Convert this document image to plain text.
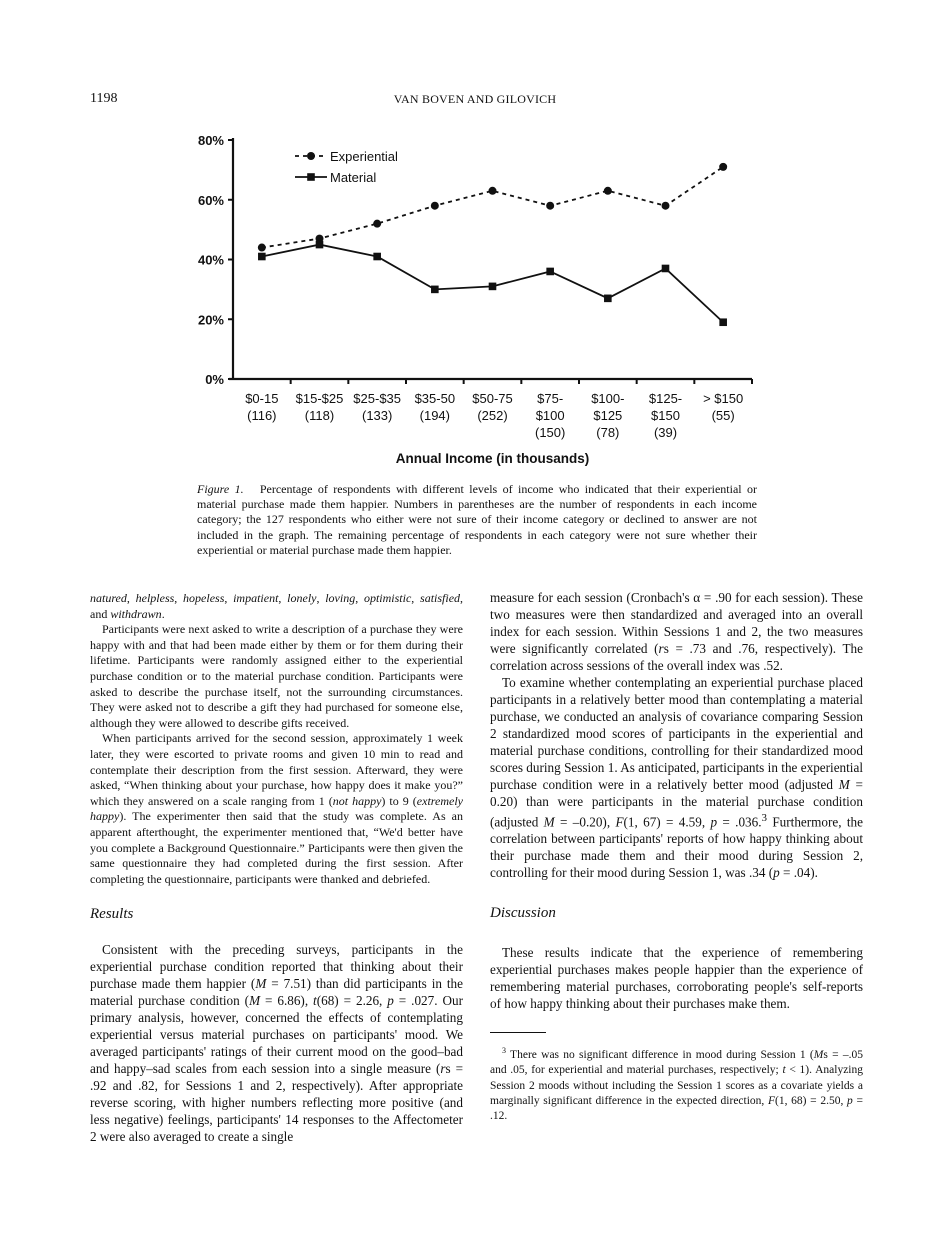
1198	VAN BOVEN AND GILOVICH
0%
20%
40%
60%
80%
$0-15
(116)
$15-$25
(118)
$25-$35
(133)
$35-50
(194)
$50-75
(252)
$75-
$100
(150)
$100-
$125
(78)
$125-
$150
(39)
> $150
(55)
Annual Income (in thousands)
Experiential
Material
Figure 1. Percentage of respondents with different levels of income who indicated that their experiential or material purchase made them happier. Numbers in parentheses are the number of respondents in each income category; the 127 respondents who either were not sure of their income category or declined to answer are not included in the graph. The remaining percentage of respondents in each category were not sure whether their experiential or material purchase made them happier.

natured, helpless, hopeless, impatient, lonely, loving, optimistic, satisfied, and withdrawn.

Participants were next asked to write a description of a purchase they were happy with and that had been made either by them or for them during their lifetime. Participants were randomly assigned either to the experiential purchase condition or to the material purchase condition. Participants were asked to describe the purchase itself, not the surrounding circumstances. They were asked not to describe a gift they had purchased for someone else, although they were allowed to describe gifts received.

When participants arrived for the second session, approximately 1 week later, they were escorted to private rooms and given 10 min to read and contemplate their description from the first session. Afterward, they were asked, “When thinking about your purchase, how happy does it make you?” which they answered on a scale ranging from 1 (not happy) to 9 (extremely happy). The experimenter then said that the study was complete. As an apparent afterthought, the experimenter mentioned that, “We'd better have you complete a Background Questionnaire.” Participants were then given the same questionnaire they had completed during the first session. After completing the questionnaire, participants were thanked and debriefed.

Results

Consistent with the preceding surveys, participants in the experiential purchase condition reported that thinking about their purchase made them happier (M = 7.51) than did participants in the material purchase condition (M = 6.86), t(68) = 2.26, p = .027. Our primary analysis, however, concerned the effects of contemplating experiential versus material purchases on participants' mood. We averaged participants' ratings of their current mood on the good–bad and happy–sad scales from each session into a single measure (rs = .92 and .82, for Sessions 1 and 2, respectively). After appropriate reverse scoring, with higher numbers reflecting more positive (and less negative) feelings, participants' 14 responses to the Affectometer 2 were also averaged to create a single

measure for each session (Cronbach's α = .90 for each session). These two measures were then standardized and averaged into an overall index for each session. Within Sessions 1 and 2, the two measures were significantly correlated (rs = .73 and .76, respectively). The correlation across sessions of the overall index was .52.

To examine whether contemplating an experiential purchase placed participants in a relatively better mood than contemplating a material purchase, we conducted an analysis of covariance comparing Session 2 standardized mood scores of participants in the experiential and material purchase conditions, controlling for their standardized mood scores during Session 1. As anticipated, participants in the experiential purchase condition were in a relatively better mood (adjusted M = 0.20) than were participants in the material purchase condition (adjusted M = –0.20), F(1, 67) = 4.59, p = .036.$^3$ Furthermore, the correlation between participants' reports of how happy thinking about their purchase made them and their mood during Session 2, controlling for their mood during Session 1, was .34 (p = .04).

Discussion

These results indicate that the experience of remembering experiential purchases makes people happier than the experience of remembering material purchases, corroborating people's self-reports of how happy thinking about their purchases make them.

$^3$ There was no significant difference in mood during Session 1 (Ms = –.05 and .05, for experiential and material purchases, respectively; t < 1). Analyzing Session 2 moods without including the Session 1 scores as a covariate yields a marginally significant difference in the expected direction, F(1, 68) = 2.50, p = .12.
